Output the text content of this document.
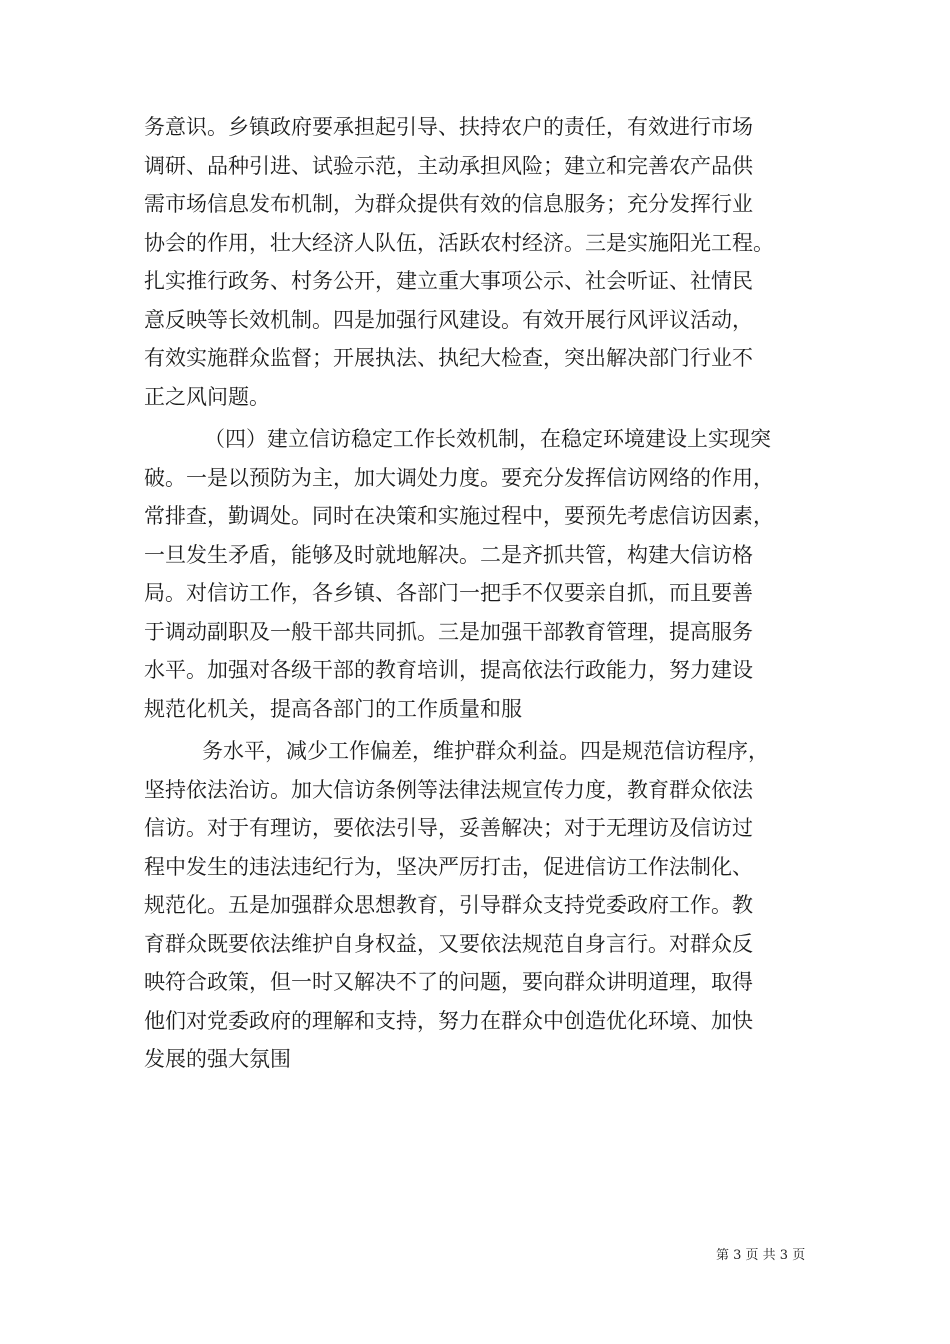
务意识。乡镇政府要承担起引导、扶持农户的责任，有效进行市场
调研、品种引进、试验示范，主动承担风险；建立和完善农产品供
需市场信息发布机制，为群众提供有效的信息服务；充分发挥行业
协会的作用，壮大经济人队伍，活跃农村经济。三是实施阳光工程。
扎实推行政务、村务公开，建立重大事项公示、社会听证、社情民
意反映等长效机制。四是加强行风建设。有效开展行风评议活动，
有效实施群众监督；开展执法、执纪大检查，突出解决部门行业不
正之风问题。
（四）建立信访稳定工作长效机制，在稳定环境建设上实现突
破。一是以预防为主，加大调处力度。要充分发挥信访网络的作用，
常排查，勤调处。同时在决策和实施过程中，要预先考虑信访因素，
一旦发生矛盾，能够及时就地解决。二是齐抓共管，构建大信访格
局。对信访工作，各乡镇、各部门一把手不仅要亲自抓，而且要善
于调动副职及一般干部共同抓。三是加强干部教育管理，提高服务
水平。加强对各级干部的教育培训，提高依法行政能力，努力建设
规范化机关，提高各部门的工作质量和服
务水平，减少工作偏差，维护群众利益。四是规范信访程序，
坚持依法治访。加大信访条例等法律法规宣传力度，教育群众依法
信访。对于有理访，要依法引导，妥善解决；对于无理访及信访过
程中发生的违法违纪行为，坚决严厉打击，促进信访工作法制化、
规范化。五是加强群众思想教育，引导群众支持党委政府工作。教
育群众既要依法维护自身权益，又要依法规范自身言行。对群众反
映符合政策，但一时又解决不了的问题，要向群众讲明道理，取得
他们对党委政府的理解和支持，努力在群众中创造优化环境、加快
发展的强大氛围
第 3 页 共 3 页
